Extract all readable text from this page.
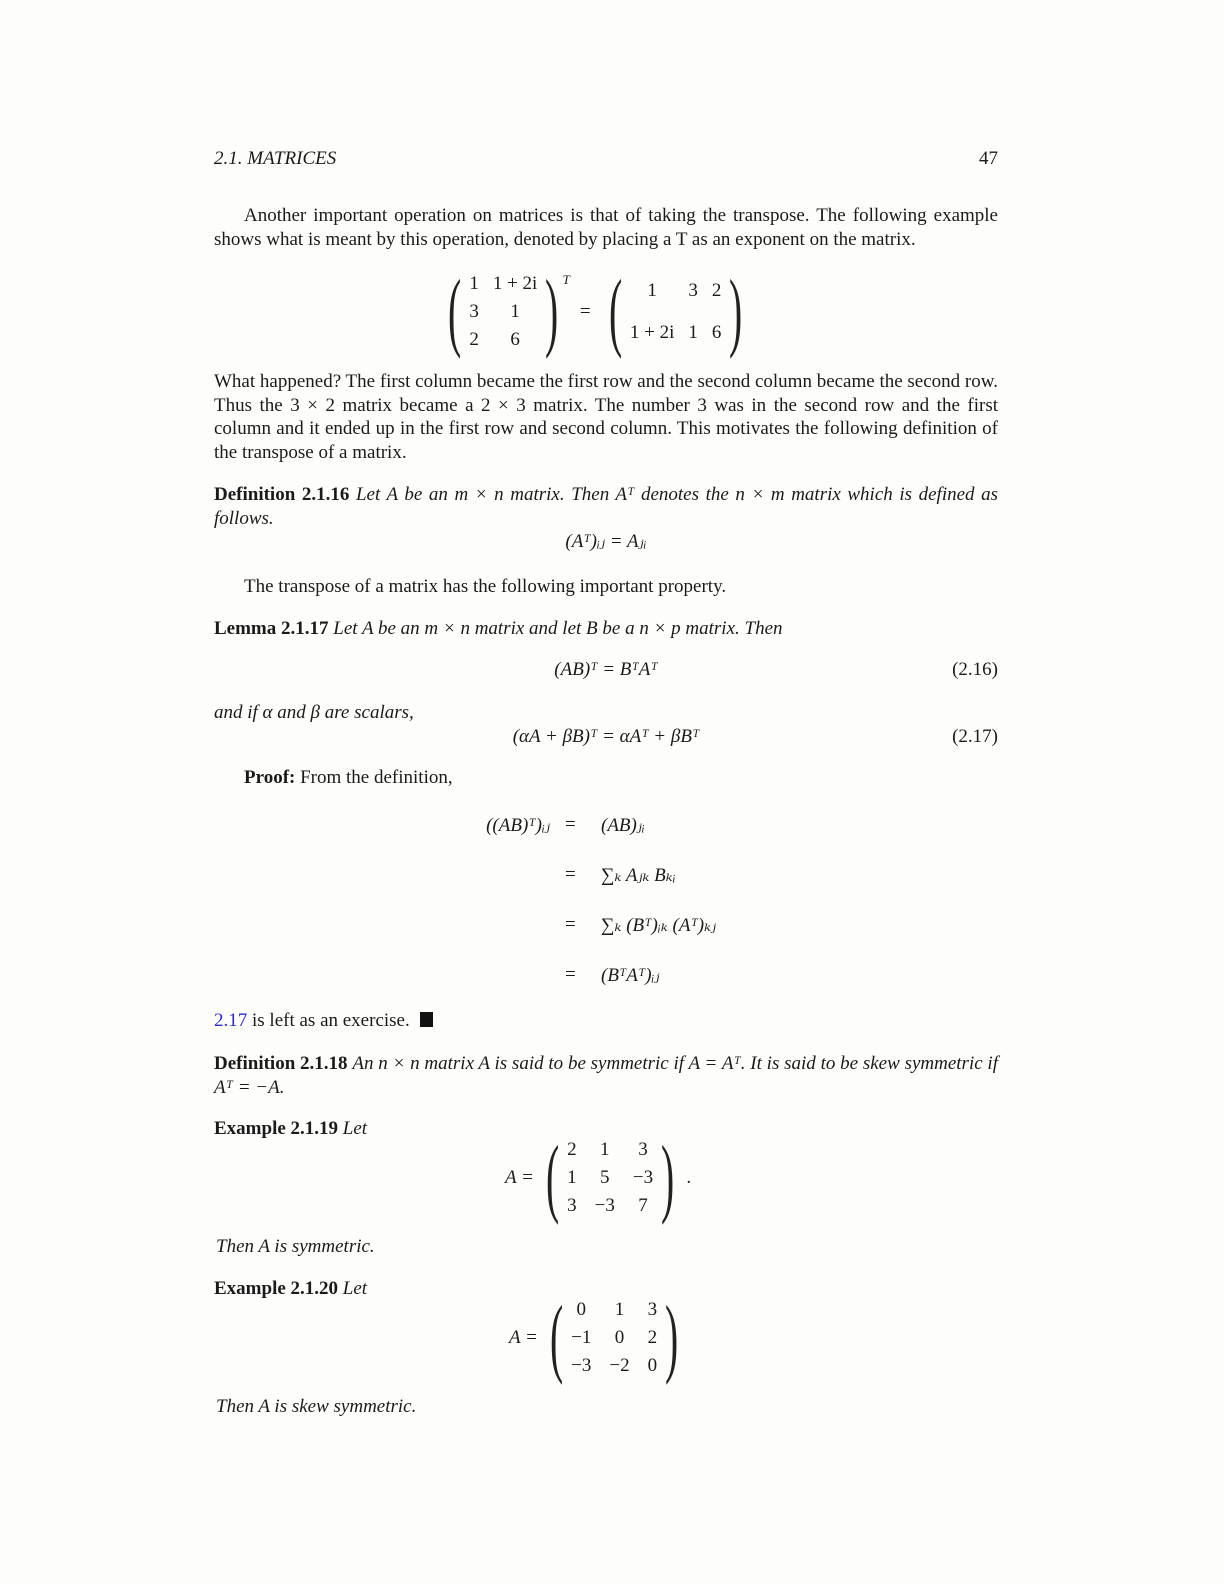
2.1. MATRICES	47
Another important operation on matrices is that of taking the transpose. The following example shows what is meant by this operation, denoted by placing a T as an exponent on the matrix.
( 1 1 + 2i
3 1
2 6 ) T
= ( 1 3 2
1 + 2i 1 6 )
What happened? The first column became the first row and the second column became the second row. Thus the 3 × 2 matrix became a 2 × 3 matrix. The number 3 was in the second row and the first column and it ended up in the first row and second column. This motivates the following definition of the transpose of a matrix.
Definition 2.1.16 Let A be an m × n matrix. Then Aᵀ denotes the n × m matrix which is defined as follows.
(Aᵀ)ᵢⱼ = Aⱼᵢ
The transpose of a matrix has the following important property.
Lemma 2.1.17 Let A be an m × n matrix and let B be a n × p matrix. Then
(AB)ᵀ = BᵀAᵀ	(2.16)
and if α and β are scalars,
(αA + βB)ᵀ = αAᵀ + βBᵀ	(2.17)
Proof: From the definition,
((AB)ᵀ)ᵢⱼ =	(AB)ⱼᵢ
=	∑ₖ Aⱼₖ Bₖᵢ
=	∑ₖ (Bᵀ)ᵢₖ (Aᵀ)ₖⱼ
=	(BᵀAᵀ)ᵢⱼ
2.17 is left as an exercise.
Definition 2.1.18 An n × n matrix A is said to be symmetric if A = Aᵀ. It is said to be skew symmetric if Aᵀ = −A.
Example 2.1.19 Let
A = ( 2 1 3
1 5 −3
3 −3 7 ) .
Then A is symmetric.
Example 2.1.20 Let
A = ( 0 1 3
−1 0 2
−3 −2 0 )
Then A is skew symmetric.
